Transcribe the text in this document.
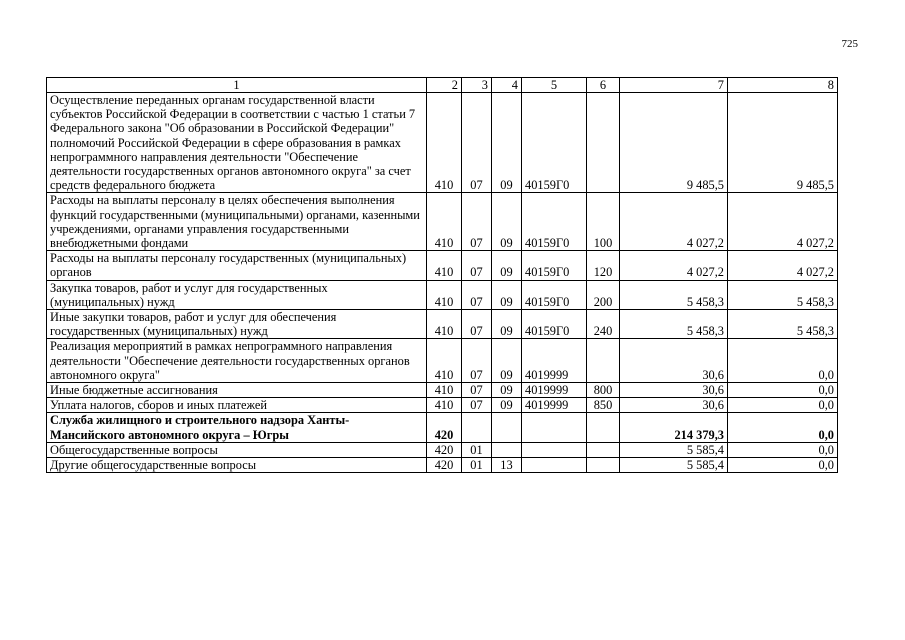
725
1	2	3	4	5	6	7	8
Осуществление переданных органам государственной власти субъектов Российской Федерации в соответствии с частью 1 статьи 7 Федерального закона "Об образовании в Российской Федерации" полномочий Российской Федерации в сфере образования в рамках непрограммного направления деятельности "Обеспечение деятельности государственных органов автономного округа" за счет средств федерального бюджета	410	07	09	40159Г0		9 485,5	9 485,5
Расходы на выплаты персоналу в целях обеспечения выполнения функций государственными (муниципальными) органами, казенными учреждениями, органами управления государственными внебюджетными фондами	410	07	09	40159Г0	100	4 027,2	4 027,2
Расходы на выплаты персоналу государственных (муниципальных) органов	410	07	09	40159Г0	120	4 027,2	4 027,2
Закупка товаров, работ и услуг для государственных (муниципальных) нужд	410	07	09	40159Г0	200	5 458,3	5 458,3
Иные закупки товаров, работ и услуг для обеспечения государственных (муниципальных) нужд	410	07	09	40159Г0	240	5 458,3	5 458,3
Реализация мероприятий в рамках непрограммного направления деятельности "Обеспечение деятельности государственных органов автономного округа"	410	07	09	4019999		30,6	0,0
Иные бюджетные ассигнования	410	07	09	4019999	800	30,6	0,0
Уплата налогов, сборов и иных платежей	410	07	09	4019999	850	30,6	0,0
Служба жилищного и строительного надзора Ханты-Мансийского автономного округа – Югры	420					214 379,3	0,0
Общегосударственные вопросы	420	01				5 585,4	0,0
Другие общегосударственные вопросы	420	01	13			5 585,4	0,0
